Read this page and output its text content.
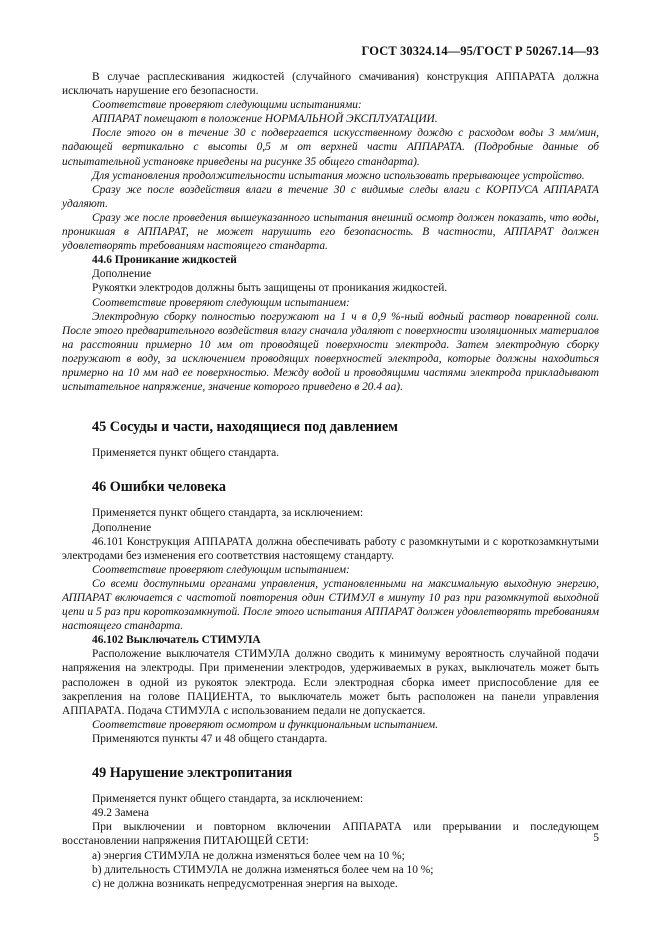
ГОСТ 30324.14—95/ГОСТ Р 50267.14—93

В случае расплескивания жидкостей (случайного смачивания) конструкция АППАРАТА должна исключать нарушение его безопасности.

Соответствие проверяют следующими испытаниями:

АППАРАТ помещают в положение НОРМАЛЬНОЙ ЭКСПЛУАТАЦИИ.

После этого он в течение 30 с подвергается искусственному дождю с расходом воды 3 мм/мин, падающей вертикально с высоты 0,5 м от верхней части АППАРАТА. (Подробные данные об испытательной установке приведены на рисунке 35 общего стандарта).

Для установления продолжительности испытания можно использовать прерывающее устройство.

Сразу же после воздействия влаги в течение 30 с видимые следы влаги с КОРПУСА АППАРАТА удаляют.

Сразу же после проведения вышеуказанного испытания внешний осмотр должен показать, что воды, проникшая в АППАРАТ, не может нарушить его безопасность. В частности, АППАРАТ должен удовлетворять требованиям настоящего стандарта.

44.6 Проникание жидкостей

Дополнение

Рукоятки электродов должны быть защищены от проникания жидкостей.

Соответствие проверяют следующим испытанием:

Электродную сборку полностью погружают на 1 ч в 0,9 %-ный водный раствор поваренной соли. После этого предварительного воздействия влагу сначала удаляют с поверхности изоляционных материалов на расстоянии примерно 10 мм от проводящей поверхности электрода. Затем электродную сборку погружают в воду, за исключением проводящих поверхностей электрода, которые должны находиться примерно на 10 мм над ее поверхностью. Между водой и проводящими частями электрода прикладывают испытательное напряжение, значение которого приведено в 20.4 аа).

45 Сосуды и части, находящиеся под давлением

Применяется пункт общего стандарта.

46 Ошибки человека

Применяется пункт общего стандарта, за исключением:

Дополнение

46.101 Конструкция АППАРАТА должна обеспечивать работу с разомкнутыми и с короткозамкнутыми электродами без изменения его соответствия настоящему стандарту.

Соответствие проверяют следующим испытанием:

Со всеми доступными органами управления, установленными на максимальную выходную энергию, АППАРАТ включается с частотой повторения один СТИМУЛ в минуту 10 раз при разомкнутой выходной цепи и 5 раз при короткозамкнутой. После этого испытания АППАРАТ должен удовлетворять требованиям настоящего стандарта.

46.102 Выключатель СТИМУЛА

Расположение выключателя СТИМУЛА должно сводить к минимуму вероятность случайной подачи напряжения на электроды. При применении электродов, удерживаемых в руках, выключатель может быть расположен в одной из рукояток электрода. Если электродная сборка имеет приспособление для ее закрепления на голове ПАЦИЕНТА, то выключатель может быть расположен на панели управления АППАРАТА. Подача СТИМУЛА с использованием педали не допускается.

Соответствие проверяют осмотром и функциональным испытанием.

Применяются пункты 47 и 48 общего стандарта.

49 Нарушение электропитания

Применяется пункт общего стандарта, за исключением:

49.2 Замена

При выключении и повторном включении АППАРАТА или прерывании и последующем восстановлении напряжения ПИТАЮЩЕЙ СЕТИ:

а) энергия СТИМУЛА не должна изменяться более чем на 10 %;

b) длительность СТИМУЛА не должна изменяться более чем на 10 %;

с) не должна возникать непредусмотренная энергия на выходе.

5
